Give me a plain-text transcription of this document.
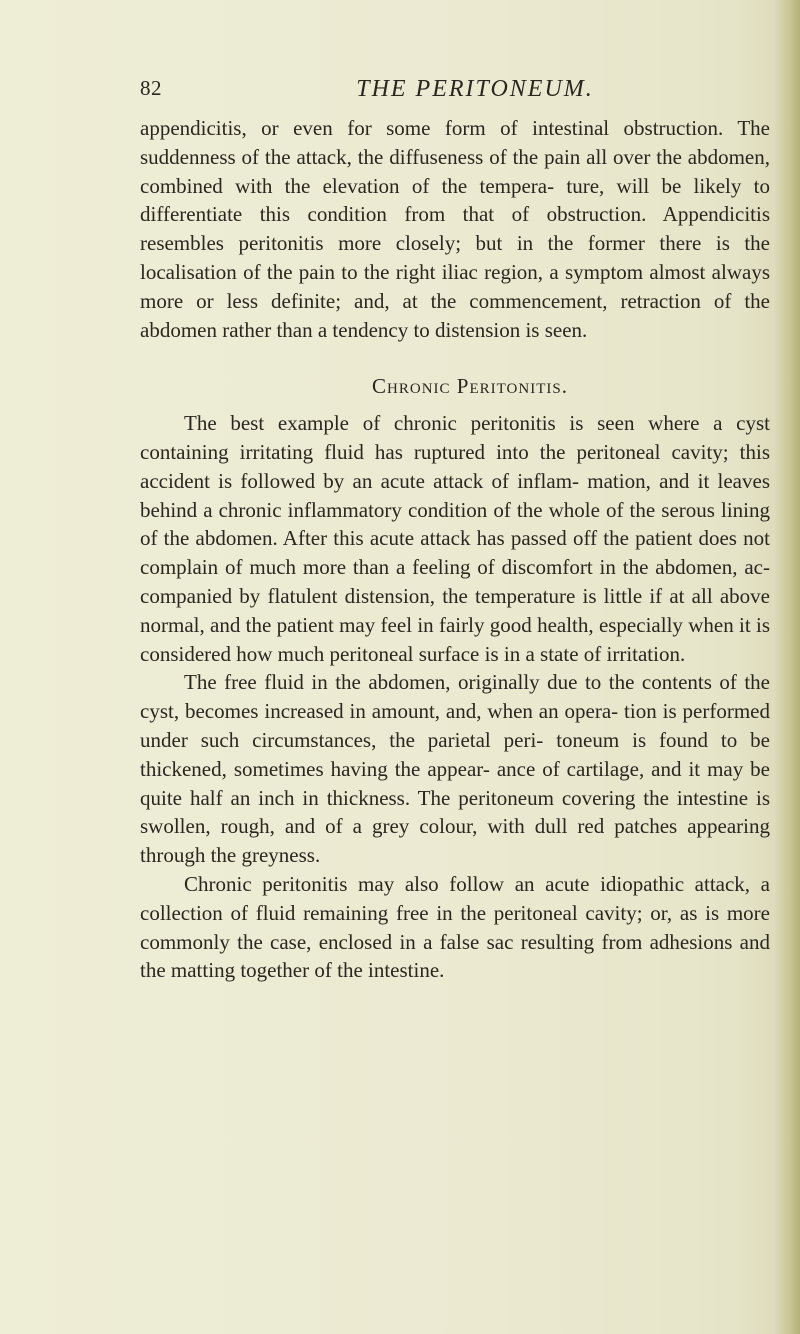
82	THE PERITONEUM.

appendicitis, or even for some form of intestinal obstruction. The suddenness of the attack, the diffuseness of the pain all over the abdomen, combined with the elevation of the tempera- ture, will be likely to differentiate this condition from that of obstruction. Appendicitis resembles peritonitis more closely; but in the former there is the localisation of the pain to the right iliac region, a symptom almost always more or less definite; and, at the commencement, retraction of the abdomen rather than a tendency to distension is seen.

Chronic Peritonitis.

The best example of chronic peritonitis is seen where a cyst containing irritating fluid has ruptured into the peritoneal cavity; this accident is followed by an acute attack of inflam- mation, and it leaves behind a chronic inflammatory condition of the whole of the serous lining of the abdomen. After this acute attack has passed off the patient does not complain of much more than a feeling of discomfort in the abdomen, ac- companied by flatulent distension, the temperature is little if at all above normal, and the patient may feel in fairly good health, especially when it is considered how much peritoneal surface is in a state of irritation.

The free fluid in the abdomen, originally due to the contents of the cyst, becomes increased in amount, and, when an opera- tion is performed under such circumstances, the parietal peri- toneum is found to be thickened, sometimes having the appear- ance of cartilage, and it may be quite half an inch in thickness. The peritoneum covering the intestine is swollen, rough, and of a grey colour, with dull red patches appearing through the greyness.

Chronic peritonitis may also follow an acute idiopathic attack, a collection of fluid remaining free in the peritoneal cavity; or, as is more commonly the case, enclosed in a false sac resulting from adhesions and the matting together of the intestine.
